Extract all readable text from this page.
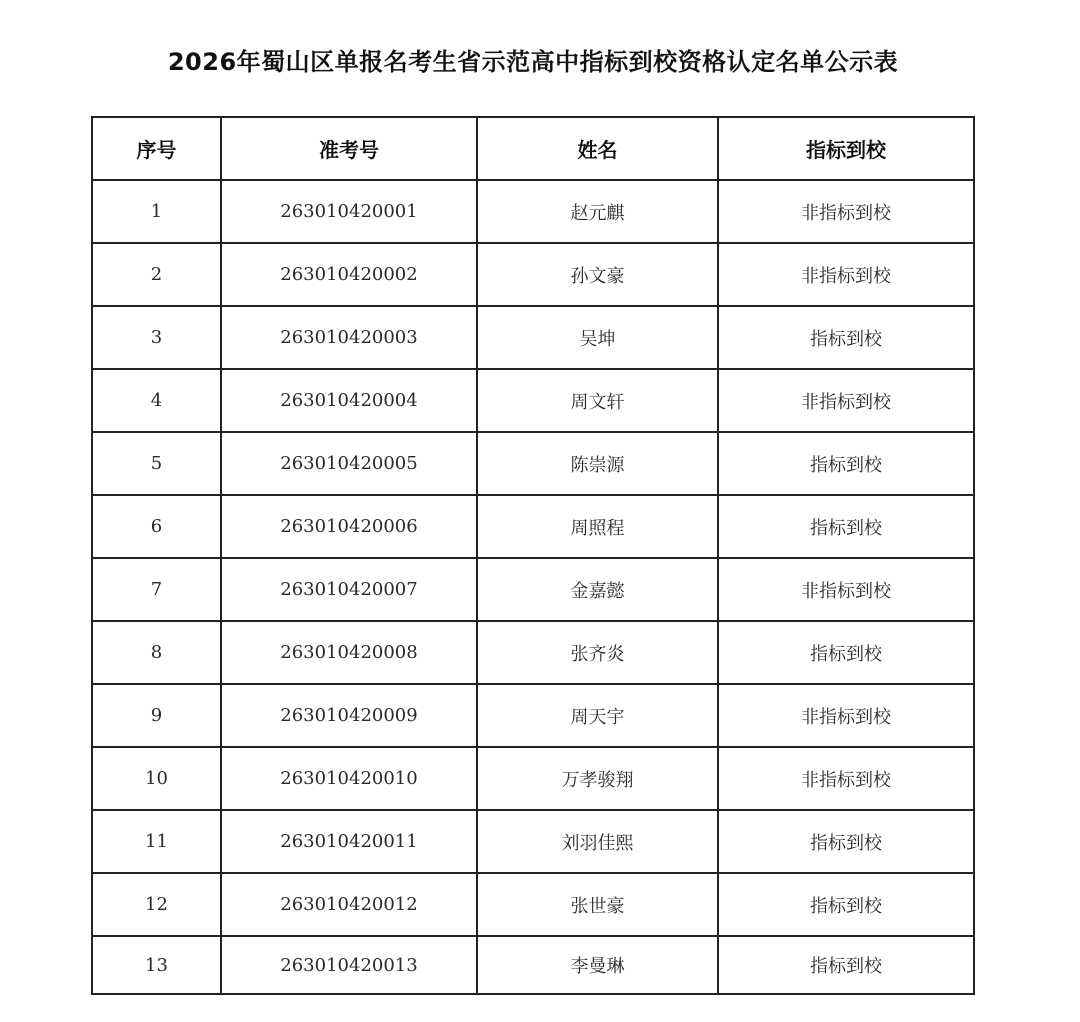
2026年蜀山区单报名考生省示范高中指标到校资格认定名单公示表
序号	准考号	姓名	指标到校
1	263010420001	赵元麒	非指标到校
2	263010420002	孙文豪	非指标到校
3	263010420003	吴坤	指标到校
4	263010420004	周文轩	非指标到校
5	263010420005	陈崇源	指标到校
6	263010420006	周照程	指标到校
7	263010420007	金嘉懿	非指标到校
8	263010420008	张齐炎	指标到校
9	263010420009	周天宇	非指标到校
10	263010420010	万孝骏翔	非指标到校
11	263010420011	刘羽佳熙	指标到校
12	263010420012	张世豪	指标到校
13	263010420013	李曼琳	指标到校
